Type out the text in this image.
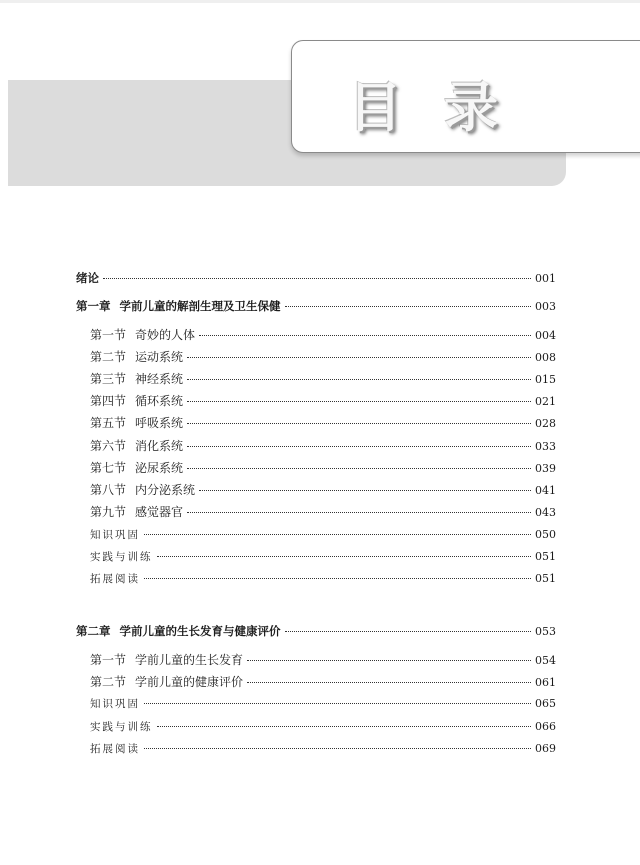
目 录
绪论	001
第一章 学前儿童的解剖生理及卫生保健	003
第一节 奇妙的人体	004
第二节 运动系统	008
第三节 神经系统	015
第四节 循环系统	021
第五节 呼吸系统	028
第六节 消化系统	033
第七节 泌尿系统	039
第八节 内分泌系统	041
第九节 感觉器官	043
知识巩固	050
实践与训练	051
拓展阅读	051
第二章 学前儿童的生长发育与健康评价	053
第一节 学前儿童的生长发育	054
第二节 学前儿童的健康评价	061
知识巩固	065
实践与训练	066
拓展阅读	069
